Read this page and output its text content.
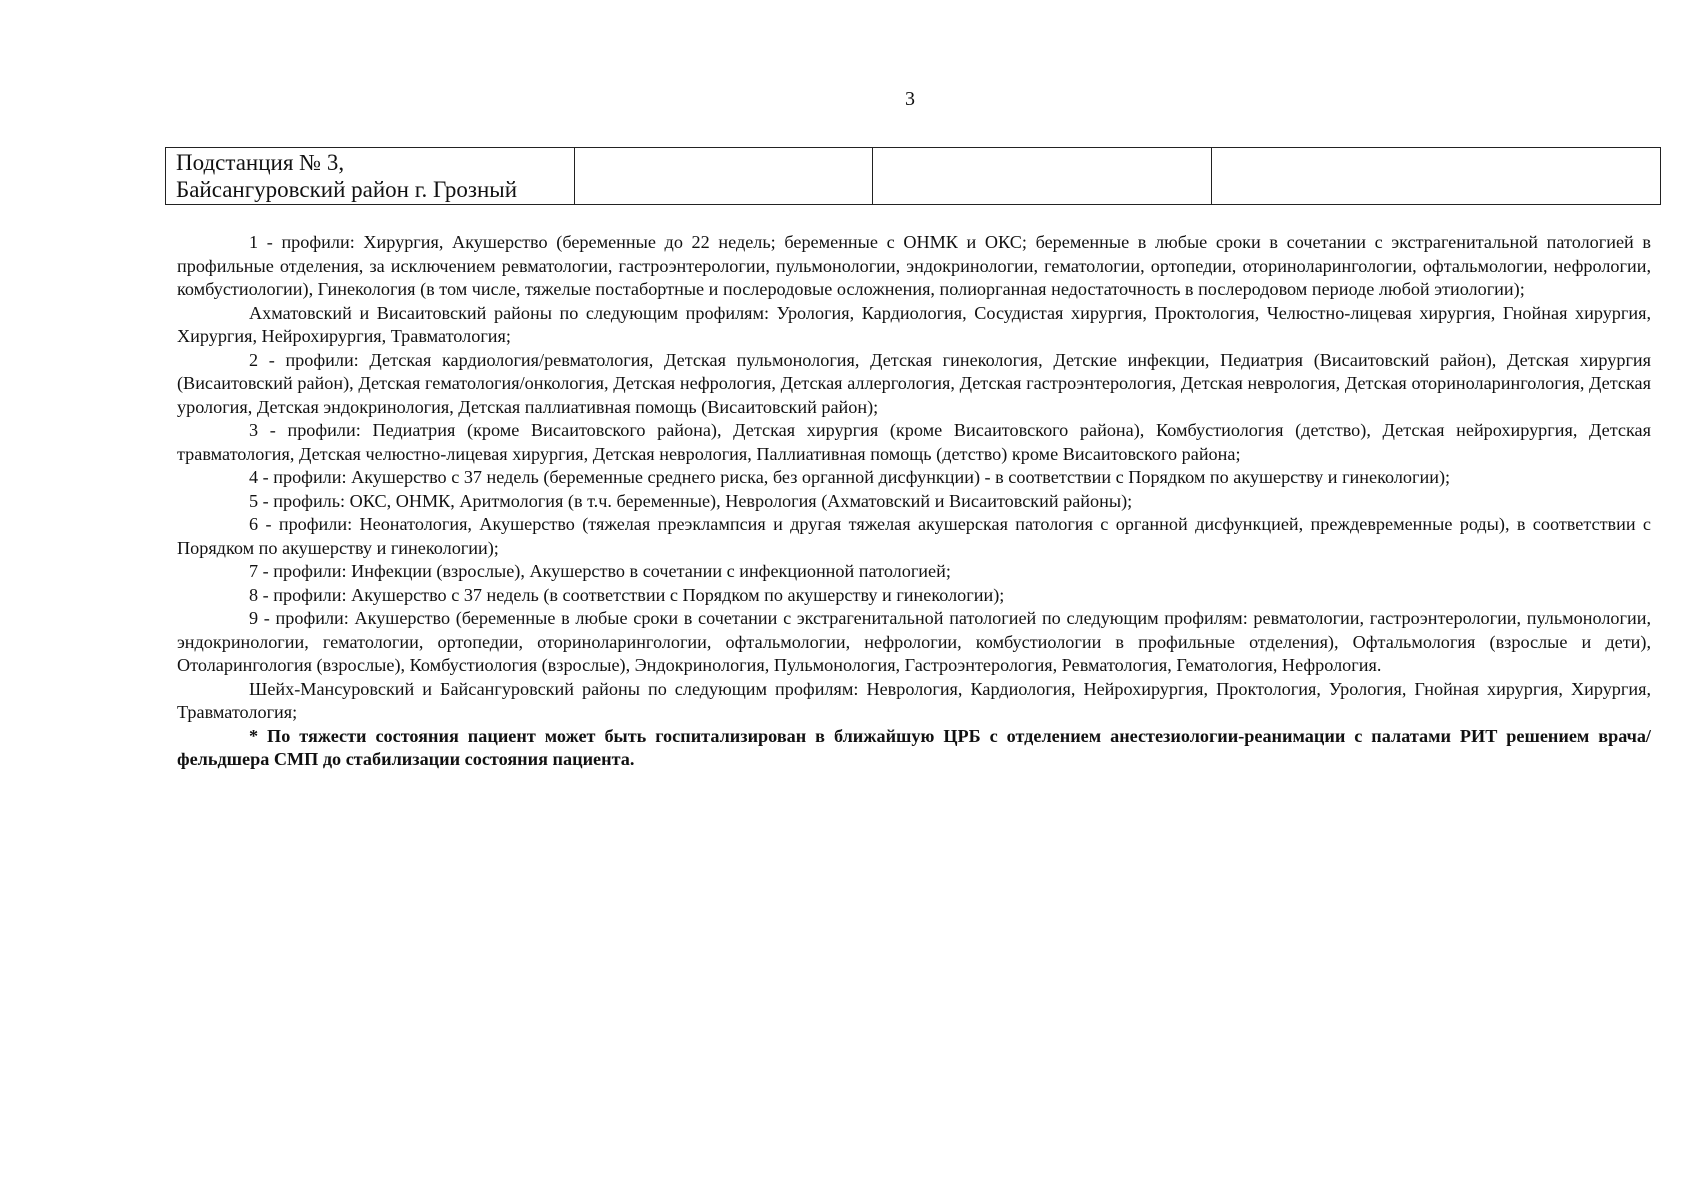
3
Подстанция № 3,
Байсангуровский район г. Грозный			

1 - профили: Хирургия, Акушерство (беременные до 22 недель; беременные с ОНМК и ОКС; беременные в любые сроки в сочетании с экстрагенитальной патологией в профильные отделения, за исключением ревматологии, гастроэнтерологии, пульмонологии, эндокринологии, гематологии, ортопедии, оториноларингологии, офтальмологии, нефрологии, комбустиологии), Гинекология (в том числе, тяжелые постабортные и послеродовые осложнения, полиорганная недостаточность в послеродовом периоде любой этиологии);

Ахматовский и Висаитовский районы по следующим профилям: Урология, Кардиология, Сосудистая хирургия, Проктология, Челюстно-лицевая хирургия, Гнойная хирургия, Хирургия, Нейрохирургия, Травматология;

2 - профили: Детская кардиология/ревматология, Детская пульмонология, Детская гинекология, Детские инфекции, Педиатрия (Висаитовский район), Детская хирургия (Висаитовский район), Детская гематология/онкология, Детская нефрология, Детская аллергология, Детская гастроэнтерология, Детская неврология, Детская оториноларингология, Детская урология, Детская эндокринология, Детская паллиативная помощь (Висаитовский район);

3 - профили: Педиатрия (кроме Висаитовского района), Детская хирургия (кроме Висаитовского района), Комбустиология (детство), Детская нейрохирургия, Детская травматология, Детская челюстно-лицевая хирургия, Детская неврология, Паллиативная помощь (детство) кроме Висаитовского района;

4 - профили: Акушерство с 37 недель (беременные среднего риска, без органной дисфункции) - в соответствии с Порядком по акушерству и гинекологии);

5 - профиль: ОКС, ОНМК, Аритмология (в т.ч. беременные), Неврология (Ахматовский и Висаитовский районы);

6 - профили: Неонатология, Акушерство (тяжелая преэклампсия и другая тяжелая акушерская патология с органной дисфункцией, преждевременные роды), в соответствии с Порядком по акушерству и гинекологии);

7 - профили: Инфекции (взрослые), Акушерство в сочетании с инфекционной патологией;

8 - профили: Акушерство с 37 недель (в соответствии с Порядком по акушерству и гинекологии);

9 - профили: Акушерство (беременные в любые сроки в сочетании с экстрагенитальной патологией по следующим профилям: ревматологии, гастроэнтерологии, пульмонологии, эндокринологии, гематологии, ортопедии, оториноларингологии, офтальмологии, нефрологии, комбустиологии в профильные отделения), Офтальмология (взрослые и дети), Отоларингология (взрослые), Комбустиология (взрослые), Эндокринология, Пульмонология, Гастроэнтерология, Ревматология, Гематология, Нефрология.

Шейх-Мансуровский и Байсангуровский районы по следующим профилям: Неврология, Кардиология, Нейрохирургия, Проктология, Урология, Гнойная хирургия, Хирургия, Травматология;

* По тяжести состояния пациент может быть госпитализирован в ближайшую ЦРБ с отделением анестезиологии-реанимации с палатами РИТ решением врача/фельдшера СМП до стабилизации состояния пациента.
